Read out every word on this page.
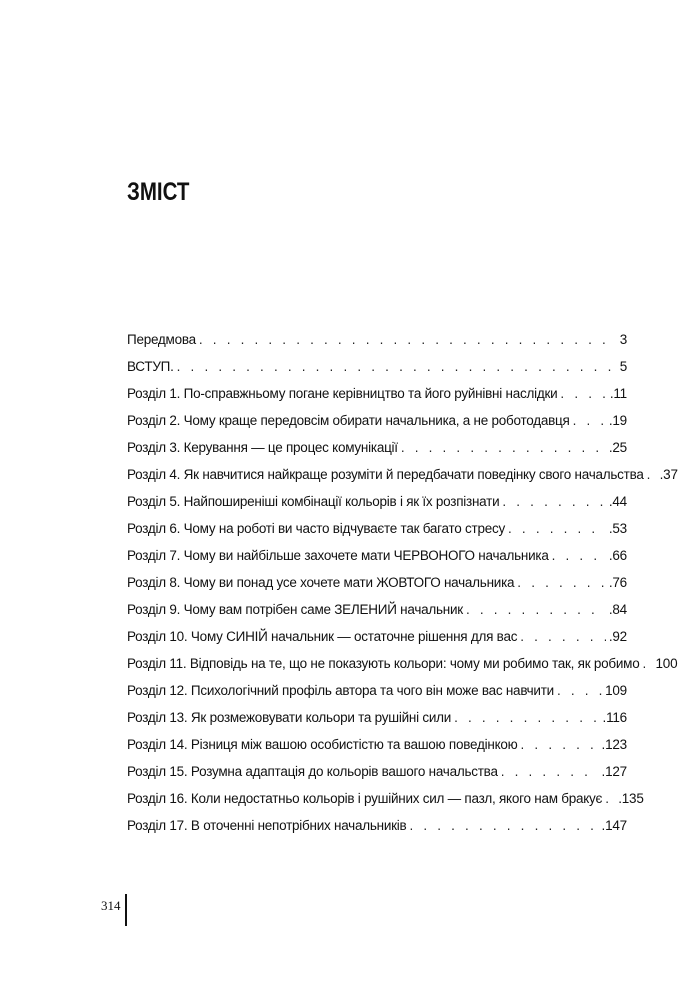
ЗМІСТ
Передмова . . .	3
ВСТУП. . . .	5
Розділ 1. По-справжньому погане керівництво та його руйнівні наслідки . . .	.11
Розділ 2. Чому краще передовсім обирати начальника, а не роботодавця . . .	.19
Розділ 3. Керування — це процес комунікації . . .	.25
Розділ 4. Як навчитися найкраще розуміти й передбачати поведінку свого начальства . . . .37
Розділ 5. Найпоширеніші комбінації кольорів і як їх розпізнати . . .	.44
Розділ 6. Чому на роботі ви часто відчуваєте так багато стресу . . .	.53
Розділ 7. Чому ви найбільше захочете мати ЧЕРВОНОГО начальника . . .	.66
Розділ 8. Чому ви понад усе хочете мати ЖОВТОГО начальника . . .	.76
Розділ 9. Чому вам потрібен саме ЗЕЛЕНИЙ начальник . . .	.84
Розділ 10. Чому СИНІЙ начальник — остаточне рішення для вас . . .	.92
Розділ 11. Відповідь на те, що не показують кольори: чому ми робимо так, як робимо . . . 100
Розділ 12. Психологічний профіль автора та чого він може вас навчити . . .	109
Розділ 13. Як розмежовувати кольори та рушійні сили . . .	.116
Розділ 14. Різниця між вашою особистістю та вашою поведінкою . . .	.123
Розділ 15. Розумна адаптація до кольорів вашого начальства . . .	.127
Розділ 16. Коли недостатньо кольорів і рушійних сил — пазл, якого нам бракує . . . .135
Розділ 17. В оточенні непотрібних начальників . . .	.147
314
